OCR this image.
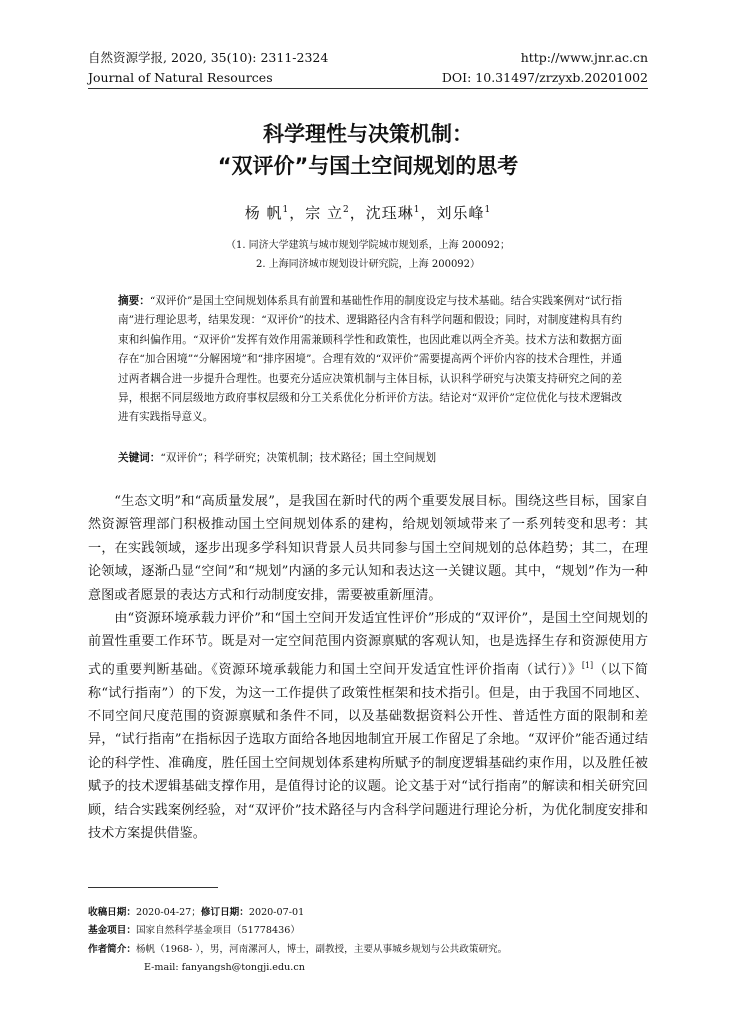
自然资源学报, 2020, 35(10): 2311-2324	http://www.jnr.ac.cn
Journal of Natural Resources	DOI: 10.31497/zrzyxb.20201002
科学理性与决策机制：
“双评价”与国土空间规划的思考
杨 帆$^1$，宗 立$^2$，沈珏琳$^1$，刘乐峰$^1$
（1. 同济大学建筑与城市规划学院城市规划系，上海 200092；
2. 上海同济城市规划设计研究院，上海 200092）
摘要：“双评价”是国土空间规划体系具有前置和基础性作用的制度设定与技术基础。结合实践案例对“试行指南”进行理论思考，结果发现：“双评价”的技术、逻辑路径内含有科学问题和假设；同时，对制度建构具有约束和纠偏作用。“双评价”发挥有效作用需兼顾科学性和政策性，也因此难以两全齐美。技术方法和数据方面存在“加合困境”“分解困境”和“排序困境”。合理有效的“双评价”需要提高两个评价内容的技术合理性，并通过两者耦合进一步提升合理性。也要充分适应决策机制与主体目标，认识科学研究与决策支持研究之间的差异，根据不同层级地方政府事权层级和分工关系优化分析评价方法。结论对“双评价”定位优化与技术逻辑改进有实践指导意义。
关键词：“双评价”；科学研究；决策机制；技术路径；国土空间规划

“生态文明”和“高质量发展”，是我国在新时代的两个重要发展目标。围绕这些目标，国家自然资源管理部门积极推动国土空间规划体系的建构，给规划领域带来了一系列转变和思考：其一，在实践领域，逐步出现多学科知识背景人员共同参与国土空间规划的总体趋势；其二，在理论领域，逐渐凸显“空间”和“规划”内涵的多元认知和表达这一关键议题。其中，“规划”作为一种意图或者愿景的表达方式和行动制度安排，需要被重新厘清。

由“资源环境承载力评价”和“国土空间开发适宜性评价”形成的“双评价”，是国土空间规划的前置性重要工作环节。既是对一定空间范围内资源禀赋的客观认知，也是选择生存和资源使用方式的重要判断基础。《资源环境承载能力和国土空间开发适宜性评价指南（试行）》[1]（以下简称“试行指南”）的下发，为这一工作提供了政策性框架和技术指引。但是，由于我国不同地区、不同空间尺度范围的资源禀赋和条件不同，以及基础数据资料公开性、普适性方面的限制和差异，“试行指南”在指标因子选取方面给各地因地制宜开展工作留足了余地。“双评价”能否通过结论的科学性、准确度，胜任国土空间规划体系建构所赋予的制度逻辑基础约束作用，以及胜任被赋予的技术逻辑基础支撑作用，是值得讨论的议题。论文基于对“试行指南”的解读和相关研究回顾，结合实践案例经验，对“双评价”技术路径与内含科学问题进行理论分析，为优化制度安排和技术方案提供借鉴。

收稿日期：2020-04-27；修订日期：2020-07-01
基金项目：国家自然科学基金项目（51778436）
作者简介：杨帆（1968- ），男，河南漯河人，博士，副教授，主要从事城乡规划与公共政策研究。
E-mail: fanyangsh@tongji.edu.cn
